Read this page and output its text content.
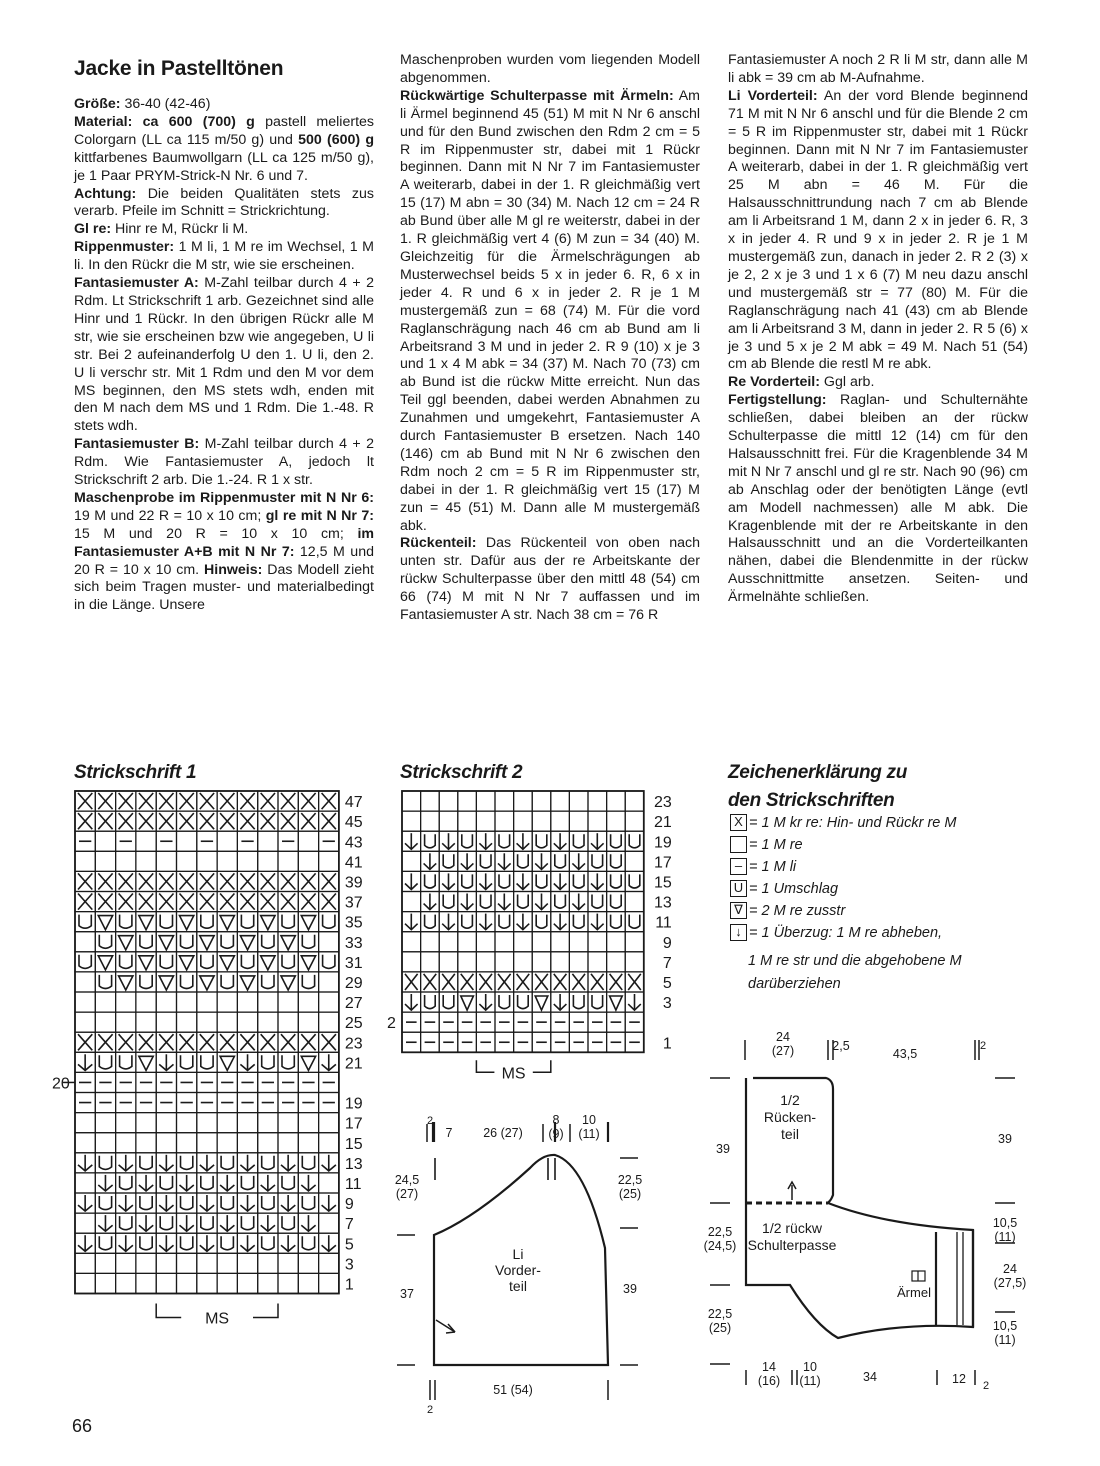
Jacke in Pastelltönen

Größe: 36-40 (42-46)

Material: ca 600 (700) g pastell meliertes Colorgarn (LL ca 115 m/50 g) und 500 (600) g kittfarbenes Baumwollgarn (LL ca 125 m/50 g), je 1 Paar PRYM-Strick-N Nr. 6 und 7.

Achtung: Die beiden Qualitäten stets zus verarb. Pfeile im Schnitt = Strickrichtung.

Gl re: Hinr re M, Rückr li M.

Rippenmuster: 1 M li, 1 M re im Wechsel, 1 M li. In den Rückr die M str, wie sie erscheinen.

Fantasiemuster A: M-Zahl teilbar durch 4 + 2 Rdm. Lt Strickschrift 1 arb. Gezeichnet sind alle Hinr und 1 Rückr. In den übrigen Rückr alle M str, wie sie erscheinen bzw wie angegeben, U li str. Bei 2 aufeinanderfolg U den 1. U li, den 2. U li verschr str. Mit 1 Rdm und den M vor dem MS beginnen, den MS stets wdh, enden mit den M nach dem MS und 1 Rdm. Die 1.-48. R stets wdh.

Fantasiemuster B: M-Zahl teilbar durch 4 + 2 Rdm. Wie Fantasiemuster A, jedoch lt Strickschrift 2 arb. Die 1.-24. R 1 x str.

Maschenprobe im Rippenmuster mit N Nr 6: 19 M und 22 R = 10 x 10 cm; gl re mit N Nr 7: 15 M und 20 R = 10 x 10 cm; im Fantasiemuster A+B mit N Nr 7: 12,5 M und 20 R = 10 x 10 cm. Hinweis: Das Modell zieht sich beim Tragen muster- und materialbedingt in die Länge. Unsere

Maschenproben wurden vom liegenden Modell abgenommen.

Rückwärtige Schulterpasse mit Ärmeln: Am li Ärmel beginnend 45 (51) M mit N Nr 6 anschl und für den Bund zwischen den Rdm 2 cm = 5 R im Rippenmuster str, dabei mit 1 Rückr beginnen. Dann mit N Nr 7 im Fantasiemuster A weiterarb, dabei in der 1. R gleichmäßig vert 15 (17) M abn = 30 (34) M. Nach 12 cm = 24 R ab Bund über alle M gl re weiterstr, dabei in der 1. R gleichmäßig vert 4 (6) M zun = 34 (40) M. Gleichzeitig für die Ärmelschrägungen ab Musterwechsel beids 5 x in jeder 6. R, 6 x in jeder 4. R und 6 x in jeder 2. R je 1 M mustergemäß zun = 68 (74) M. Für die vord Raglanschrägung nach 46 cm ab Bund am li Arbeitsrand 3 M und in jeder 2. R 9 (10) x je 3 und 1 x 4 M abk = 34 (37) M. Nach 70 (73) cm ab Bund ist die rückw Mitte erreicht. Nun das Teil ggl beenden, dabei werden Abnahmen zu Zunahmen und umgekehrt, Fantasiemuster A durch Fantasiemuster B ersetzen. Nach 140 (146) cm ab Bund mit N Nr 6 zwischen den Rdm noch 2 cm = 5 R im Rippenmuster str, dabei in der 1. R gleichmäßig vert 15 (17) M zun = 45 (51) M. Dann alle M mustergemäß abk.

Rückenteil: Das Rückenteil von oben nach unten str. Dafür aus der re Arbeitskante der rückw Schulterpasse über den mittl 48 (54) cm 66 (74) M mit N Nr 7 auffassen und im Fantasiemuster A str. Nach 38 cm = 76 R

Fantasiemuster A noch 2 R li M str, dann alle M li abk = 39 cm ab M-Aufnahme.

Li Vorderteil: An der vord Blende beginnend 71 M mit N Nr 6 anschl und für die Blende 2 cm = 5 R im Rippenmuster str, dabei mit 1 Rückr beginnen. Dann mit N Nr 7 im Fantasiemuster A weiterarb, dabei in der 1. R gleichmäßig vert 25 M abn = 46 M. Für die Halsausschnittrundung nach 7 cm ab Blende am li Arbeitsrand 1 M, dann 2 x in jeder 6. R, 3 x in jeder 4. R und 9 x in jeder 2. R je 1 M mustergemäß zun, danach in jeder 2. R 2 (3) x je 2, 2 x je 3 und 1 x 6 (7) M neu dazu anschl und mustergemäß str = 77 (80) M. Für die Raglanschrägung nach 41 (43) cm ab Blende am li Arbeitsrand 3 M, dann in jeder 2. R 5 (6) x je 3 und 5 x je 2 M abk = 49 M. Nach 51 (54) cm ab Blende die restl M re abk.

Re Vorderteil: Ggl arb.

Fertigstellung: Raglan- und Schulternähte schließen, dabei bleiben an der rückw Schulterpasse die mittl 12 (14) cm für den Halsausschnitt frei. Für die Kragenblende 34 M mit N Nr 7 anschl und gl re str. Nach 90 (96) cm ab Anschlag oder der benötigten Länge (evtl am Modell nachmessen) alle M abk. Die Kragenblende mit der re Arbeitskante in den Halsausschnitt und an die Vorderteilkanten nähen, dabei die Blendenmitte in der rückw Ausschnittmitte ansetzen. Seiten- und Ärmelnähte schließen.

Strickschrift 1	Strickschrift 2	Zeichenerklärung zu
den Strickschriften
47
45
43
41
39
37
35
33
31
29
27
25
23
21
19
17
15
13
11
9
7
5
3
1
20
MS
23
21
19
17
15
13
11
9
7
5
3
1
2
MS
X = 1 M kr re: Hin- und Rückr re M
= 1 M re
– = 1 M li
U = 1 Umschlag
∇ = 2 M re zusstr
↓ = 1 Überzug: 1 M re abheben,
1 M re str und die abgehobene M
darüberziehen
2
7 26 (27)
8
(9)
10
(11)
24,5
(27)
37
22,5
(25)
39
Li
Vorder-
teil
51 (54)
2
24
(27)	2,5
43,5
2
39
22,5
(24,5)
22,5
(25)
39
10,5
(11)
24
(27,5)
10,5
(11)
1/2
Rücken-
teil
1/2 rückw
Schulterpasse
Ärmel
14
(16)
10
(11)	34	12 2
66
